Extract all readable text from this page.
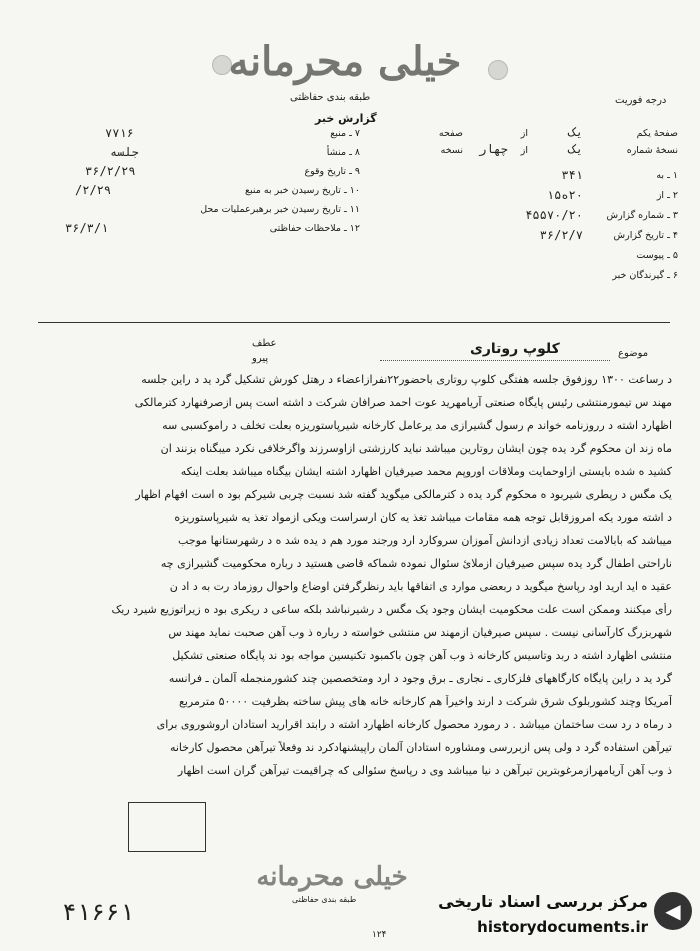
خیلی محرمانه
طبقه بندی حفاظتی
گزارش خبر
درجه فوریت
صفحهٔ یکم
یک
از
صفحه
نسخهٔ شماره
یک
از
چهار
نسخه
۱ ـ به
۳۴۱
۲ ـ از
۲۰ه۱۵
۳ ـ شماره گزارش
۴۵۵۷۰/۲۰
۴ ـ تاریخ گزارش
۳۶/۲/۷
۵ ـ پیوست
۶ ـ گیرندگان خبر
۷ ـ منبع
۷۷۱۶
۸ ـ منشأ
جلسه
۹ ـ تاریخ وقوع
۳۶/۲/۲۹
۱۰ ـ تاریخ رسیدن خبر به منبع
۲/۲۹/
۱۱ ـ تاریخ رسیدن خبر برهبرعملیات محل
۱۲ ـ ملاحظات حفاظتی
۳۶/۳/۱
عطف
پیرو	موضوع
کلوپ روتاری
د رساعت ۱۳۰۰ روزفوق جلسه هفتگی کلوپ روتاری باحضور۲۲نفرازاعضاء د رهتل کورش تشکیل گرد ید د راین جلسه
مهند س تیمورمنتشی رئیس پایگاه صنعتی آریامهرید عوت احمد صرافان شرکت د اشته است پس ازصرفنهارد کترمالکی
اظهارد اشته د رروزنامه خواند م رسول گشیرازی مد یرعامل کارخانه شیرپاستوریزه بعلت تخلف د راموکسبی سه
ماه زند ان محکوم گرد یده چون ایشان روتارین میباشد نباید کارزشتی ازاوسرزند واگرخلافی نکرد میبگناه بزنند ان
کشید ه شده بایستی ازاوحمایت وملاقات اوروپم محمد صیرفیان اظهارد اشته ایشان بیگناه میباشد بعلت اینکه
یک مگس د رپطری شیربود ه محکوم گرد یده د کترمالکی میگوید گفته شد نسبت چربی شیرکم بود ه است افهام اظهار
د اشته مورد یکه امروزقابل توجه همه مقامات میباشد تغذ یه کان ارسراست ویکی ازمواد تغذ یه شیرپاستوریزه
میباشد که بابالامت تعداد زیادی ازدانش آموزان سروکارد ارد ورجند مورد هم د یده شد ه د رشهرستانها موجب
ناراحتی اطفال گرد یده سپس صیرفیان ازملائ سئوال نموده شماکه قاضی هستید د رباره محکومیت گشیرازی چه
عقید ه اید ارید اود رپاسخ میگوید د ربعضی موارد ی اتفاقها باید رنظرگرفتن اوضاع واحوال روزماد رت به د اد ن
رأی میکنند وممکن است علت محکومیت ایشان وجود یک مگس د رشیرنباشد بلکه ساعی د ریکری بود ه زیراتوزیع شیرد ریک
شهربزرگ کارآسانی نیست . سپس صیرفیان ازمهند س منتشی خواسته د رباره ذ وب آهن صحبت نماید مهند س
منتشی اظهارد اشته د ربد وتاسیس کارخانه ذ وب آهن چون باکمبود تکنیسین مواجه بود ند پایگاه صنعتی تشکیل
گرد ید د راین پایگاه کارگاههای فلزکاری ـ نجاری ـ برق وجود د ارد ومتخصصین چند کشورمنجمله آلمان ـ فرانسه
آمریکا وچند کشوربلوک شرق شرکت د ارند واخیراً هم کارخانه خانه های پیش ساخته بظرفیت ۵۰۰۰۰ مترمربع
د رماه د رد ست ساختمان میباشد . د رمورد محصول کارخانه اظهارد اشته د رابتد اقرارید استادان اروشوروی برای
تیرآهن استفاده گرد د ولی پس ازبررسی ومشاوره استادان آلمان راپیشنهادکرد ند وفعلاً تیرآهن محصول کارخانه
ذ وب آهن آریامهرازمرغوبترین تیرآهن د نیا میباشد وی د رپاسخ سئوالی که چراقیمت تیرآهن گران است اظهار
خیلی محرمانه
طبقه بندی حفاظتی
۴۱۶۶۱	◀
مرکز بررسی اسناد تاریخی
historydocuments.ir
۱۲۴
